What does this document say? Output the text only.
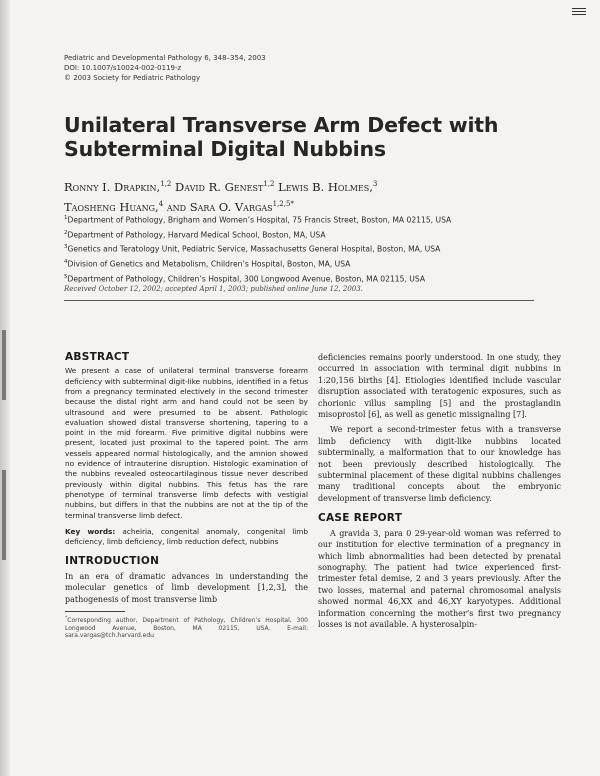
Pediatric and Developmental Pathology 6, 348–354, 2003
DOI: 10.1007/s10024-002-0119-z
© 2003 Society for Pediatric Pathology
Unilateral Transverse Arm Defect with Subterminal Digital Nubbins
Ronny I. Drapkin,$^{1,2}$ David R. Genest$^{1,2}$ Lewis B. Holmes,$^3$
Taosheng Huang,$^4$ and Sara O. Vargas$^{1,2,5*}$
$^1$Department of Pathology, Brigham and Women’s Hospital, 75 Francis Street, Boston, MA 02115, USA
$^2$Department of Pathology, Harvard Medical School, Boston, MA, USA
$^3$Genetics and Teratology Unit, Pediatric Service, Massachusetts General Hospital, Boston, MA, USA
$^4$Division of Genetics and Metabolism, Children’s Hospital, Boston, MA, USA
$^5$Department of Pathology, Children’s Hospital, 300 Longwood Avenue, Boston, MA 02115, USA
Received October 12, 2002; accepted April 1, 2003; published online June 12, 2003.
ABSTRACT

We present a case of unilateral terminal transverse forearm deficiency with subterminal digit-like nubbins, identified in a fetus from a pregnancy terminated electively in the second trimester because the distal right arm and hand could not be seen by ultrasound and were presumed to be absent. Pathologic evaluation showed distal transverse shortening, tapering to a point in the mid forearm. Five primitive digital nubbins were present, located just proximal to the tapered point. The arm vessels appeared normal histologically, and the amnion showed no evidence of intrauterine disruption. Histologic examination of the nubbins revealed osteocartilaginous tissue never described previously within digital nubbins. This fetus has the rare phenotype of terminal transverse limb defects with vestigial nubbins, but differs in that the nubbins are not at the tip of the terminal transverse limb defect.

Key words: acheiria, congenital anomaly, congenital limb deficiency, limb deficiency, limb reduction defect, nubbins

INTRODUCTION

In an era of dramatic advances in understanding the molecular genetics of limb development [1,2,3], the pathogenesis of most transverse limb

*Corresponding author, Department of Pathology, Children’s Hospital, 300 Longwood Avenue, Boston, MA 02115, USA. E-mail: sara.vargas@tch.harvard.edu

deficiencies remains poorly understood. In one study, they occurred in association with terminal digit nubbins in 1:20,156 births [4]. Etiologies identified include vascular disruption associated with teratogenic exposures, such as chorionic villus sampling [5] and the prostaglandin misoprostol [6], as well as genetic missignaling [7].

We report a second-trimester fetus with a transverse limb deficiency with digit-like nubbins located subterminally, a malformation that to our knowledge has not been previously described histologically. The subterminal placement of these digital nubbins challenges many traditional concepts about the embryonic development of transverse limb deficiency.

CASE REPORT

A gravida 3, para 0 29-year-old woman was referred to our institution for elective termination of a pregnancy in which limb abnormalities had been detected by prenatal sonography. The patient had twice experienced first-trimester fetal demise, 2 and 3 years previously. After the two losses, maternal and paternal chromosomal analysis showed normal 46,XX and 46,XY karyotypes. Additional information concerning the mother’s first two pregnancy losses is not available. A hysterosalpin-
